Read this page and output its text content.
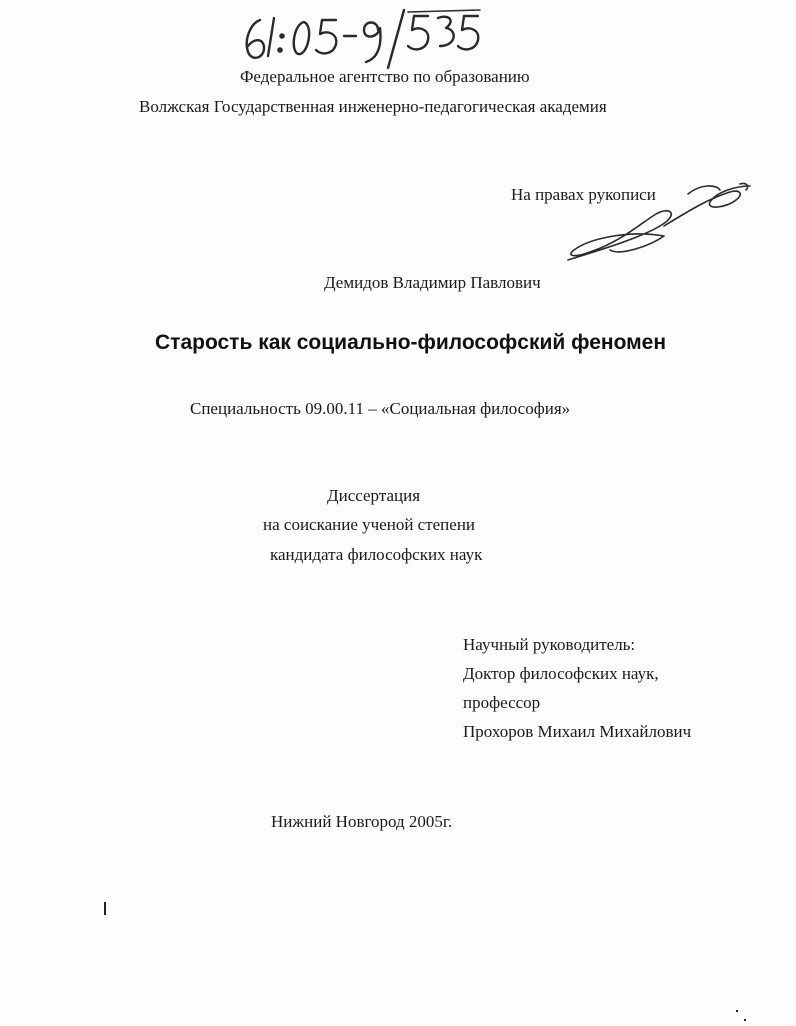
Федеральное агентство по образованию
Волжская Государственная инженерно-педагогическая академия
На правах рукописи
Демидов Владимир Павлович
Старость как социально-философский феномен
Специальность 09.00.11 – «Социальная философия»
Диссертация
на соискание ученой степени
кандидата философских наук
Научный руководитель:
Доктор философских наук,
профессор
Прохоров Михаил Михайлович
Нижний Новгород 2005г.
